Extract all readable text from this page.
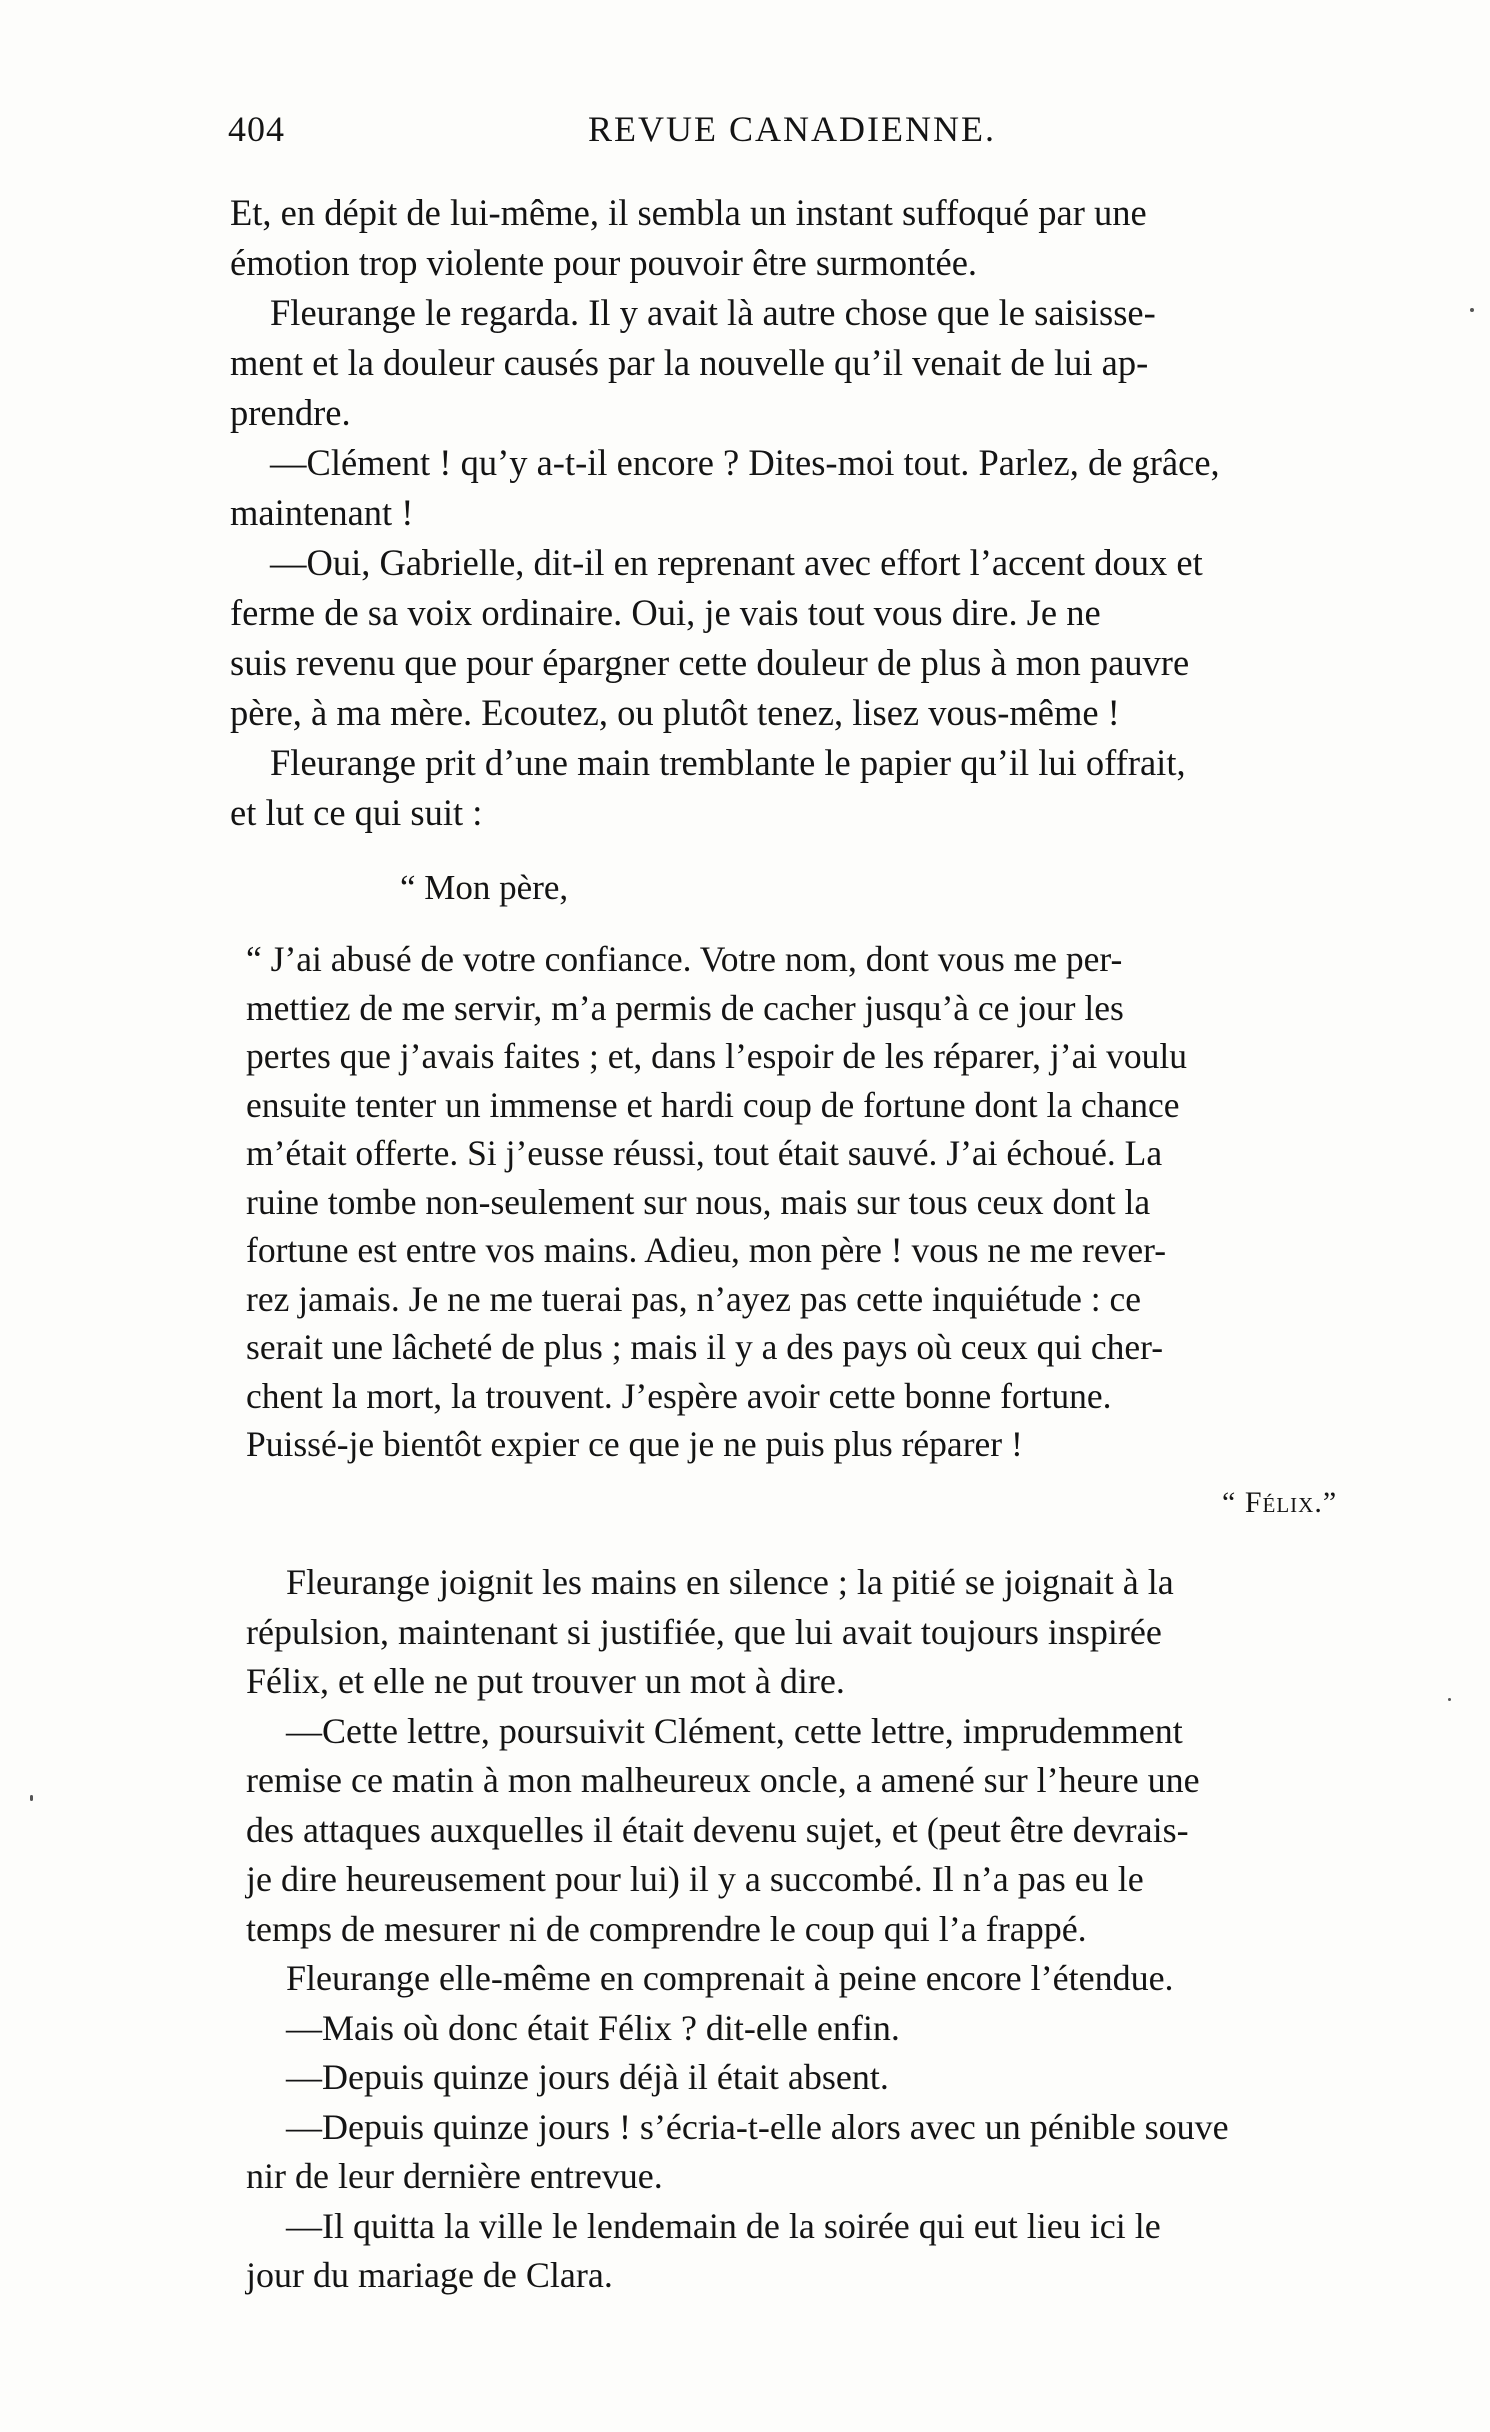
404	REVUE CANADIENNE.
Et, en dépit de lui-même, il sembla un instant suffoqué par une
émotion trop violente pour pouvoir être surmontée.
Fleurange le regarda. Il y avait là autre chose que le saisisse-
ment et la douleur causés par la nouvelle qu’il venait de lui ap-
prendre.
—Clément ! qu’y a-t-il encore ? Dites-moi tout. Parlez, de grâce,
maintenant !
—Oui, Gabrielle, dit-il en reprenant avec effort l’accent doux et
ferme de sa voix ordinaire. Oui, je vais tout vous dire. Je ne
suis revenu que pour épargner cette douleur de plus à mon pauvre
père, à ma mère. Ecoutez, ou plutôt tenez, lisez vous-même !
Fleurange prit d’une main tremblante le papier qu’il lui offrait,
et lut ce qui suit :
“ Mon père,
“ J’ai abusé de votre confiance. Votre nom, dont vous me per-
mettiez de me servir, m’a permis de cacher jusqu’à ce jour les
pertes que j’avais faites ; et, dans l’espoir de les réparer, j’ai voulu
ensuite tenter un immense et hardi coup de fortune dont la chance
m’était offerte. Si j’eusse réussi, tout était sauvé. J’ai échoué. La
ruine tombe non-seulement sur nous, mais sur tous ceux dont la
fortune est entre vos mains. Adieu, mon père ! vous ne me rever-
rez jamais. Je ne me tuerai pas, n’ayez pas cette inquiétude : ce
serait une lâcheté de plus ; mais il y a des pays où ceux qui cher-
chent la mort, la trouvent. J’espère avoir cette bonne fortune.
Puissé-je bientôt expier ce que je ne puis plus réparer !
“ Félix.”
Fleurange joignit les mains en silence ; la pitié se joignait à la
répulsion, maintenant si justifiée, que lui avait toujours inspirée
Félix, et elle ne put trouver un mot à dire.
—Cette lettre, poursuivit Clément, cette lettre, imprudemment
remise ce matin à mon malheureux oncle, a amené sur l’heure une
des attaques auxquelles il était devenu sujet, et (peut être devrais-
je dire heureusement pour lui) il y a succombé. Il n’a pas eu le
temps de mesurer ni de comprendre le coup qui l’a frappé.
Fleurange elle-même en comprenait à peine encore l’étendue.
—Mais où donc était Félix ? dit-elle enfin.
—Depuis quinze jours déjà il était absent.
—Depuis quinze jours ! s’écria-t-elle alors avec un pénible souve
nir de leur dernière entrevue.
—Il quitta la ville le lendemain de la soirée qui eut lieu ici le
jour du mariage de Clara.
